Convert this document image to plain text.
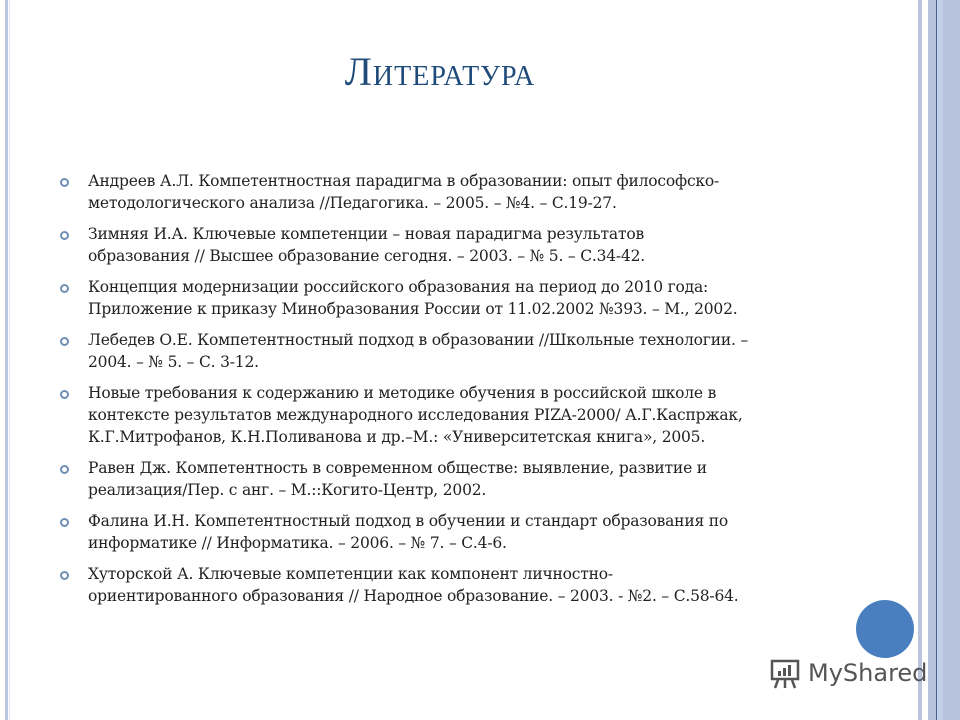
Литература
Андреев А.Л. Компетентностная парадигма в образовании: опыт философско-
методологического анализа //Педагогика. – 2005. – №4. – С.19-27.
Зимняя И.А. Ключевые компетенции – новая парадигма результатов
образования // Высшее образование сегодня. – 2003. – № 5. – С.34-42.
Концепция модернизации российского образования на период до 2010 года:
Приложение к приказу Минобразования России от 11.02.2002 №393. – М., 2002.
Лебедев О.Е. Компетентностный подход в образовании //Школьные технологии. –
2004. – № 5. – С. 3-12.
Новые требования к содержанию и методике обучения в российской школе в
контексте результатов международного исследования PIZA-2000/ А.Г.Каспржак,
К.Г.Митрофанов, К.Н.Поливанова и др.–М.: «Университетская книга», 2005.
Равен Дж. Компетентность в современном обществе: выявление, развитие и
реализация/Пер. с анг. – М.::Когито-Центр, 2002.
Фалина И.Н. Компетентностный подход в обучении и стандарт образования по
информатике // Информатика. – 2006. – № 7. – С.4-6.
Хуторской А. Ключевые компетенции как компонент личностно-
ориентированного образования // Народное образование. – 2003. - №2. – С.58-64.
MyShared
